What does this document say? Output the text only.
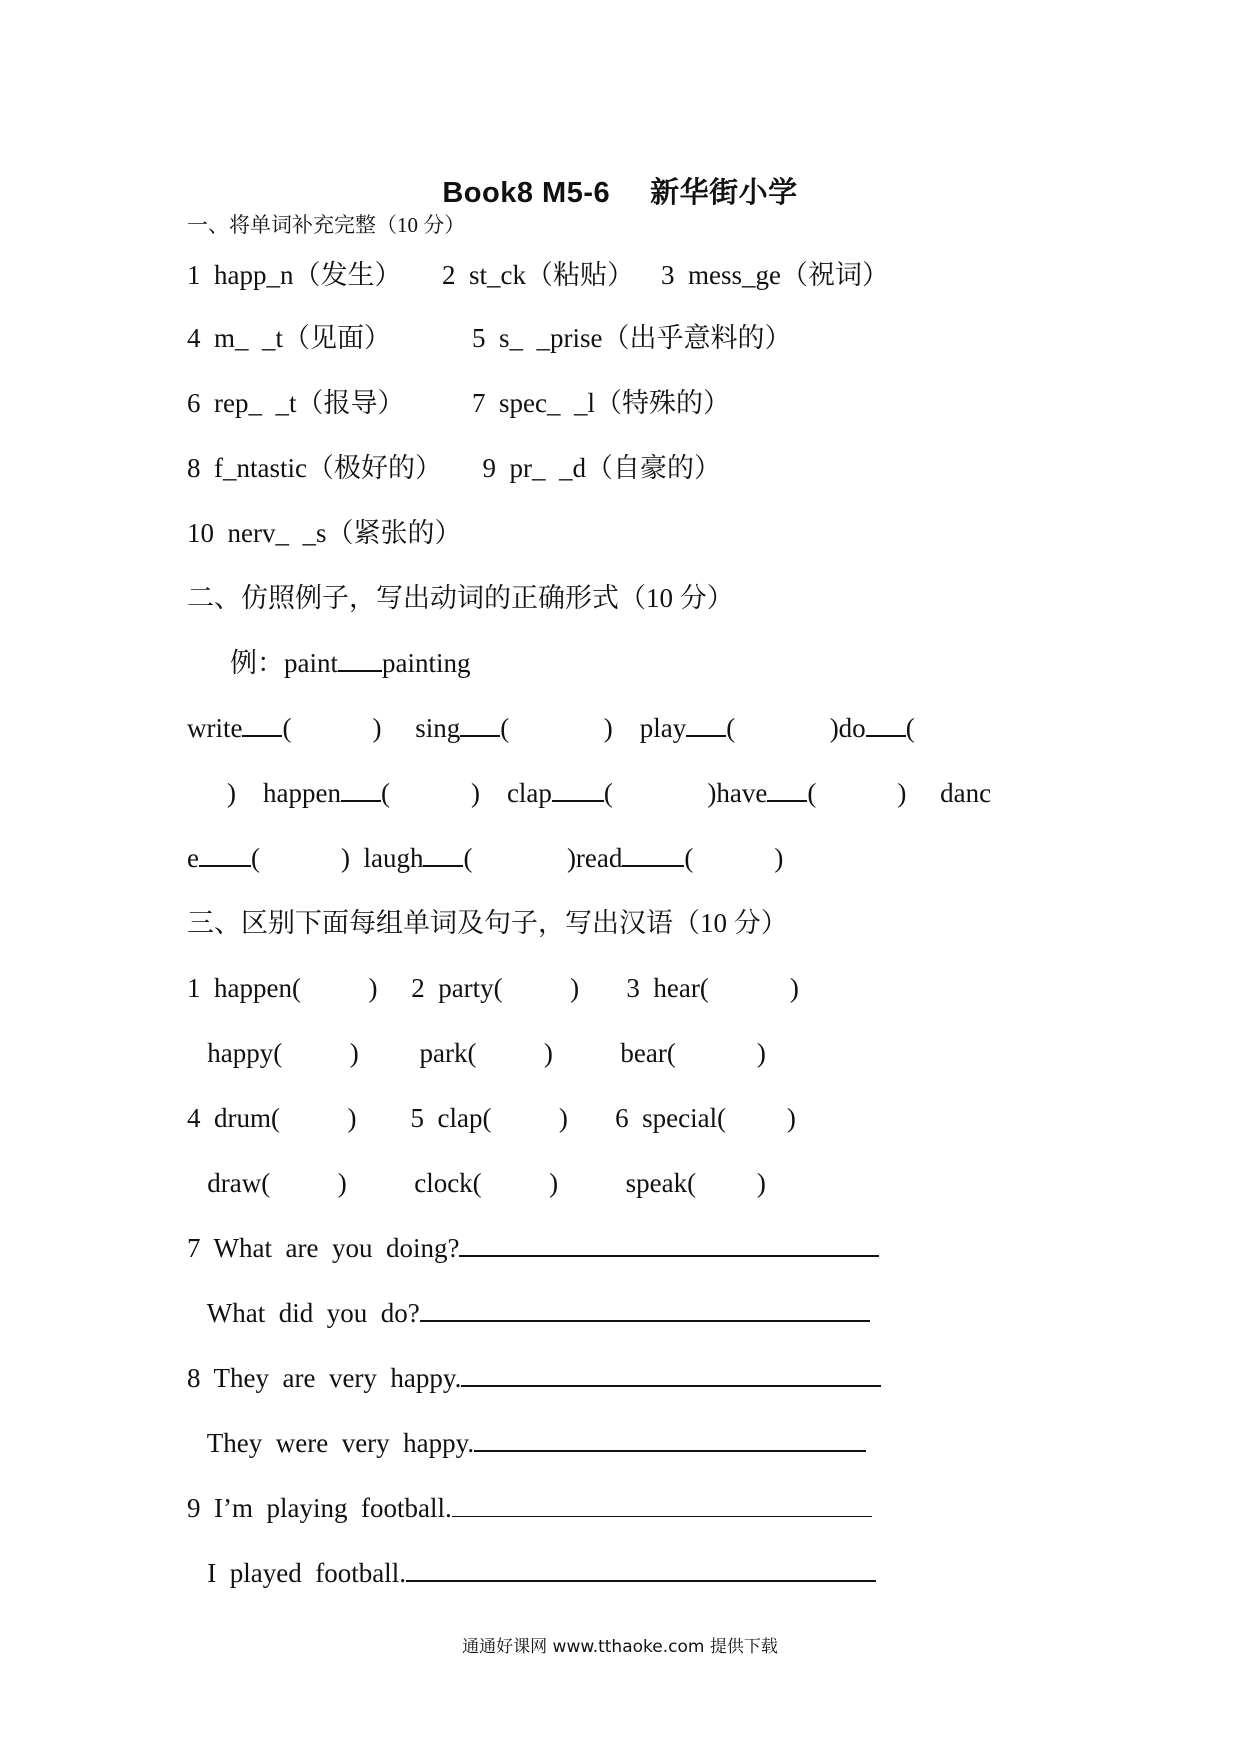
Book8 M5-6 新华街小学
一、将单词补充完整（10 分）
1  happ_n（发生）      2  st_ck（粘贴）    3  mess_ge（祝词）
4  m_  _t（见面）            5  s_  _prise（出乎意料的）
6  rep_  _t（报导）          7  spec_  _l（特殊的）
8  f_ntastic（极好的）      9  pr_  _d（自豪的）
10  nerv_  _s（紧张的）
二、仿照例子，写出动词的正确形式（10 分）
例：paint painting
write (            )     sing (              )    play (              )do (
)    happen (            )    clap (              )have (            )     danc
e (            )  laugh (              )read (            )
三、区别下面每组单词及句子，写出汉语（10 分）
1  happen(          )     2  party(          )       3  hear(            )
happy(          )         park(          )          bear(            )
4  drum(          )        5  clap(          )       6  special(         )
draw(          )          clock(          )          speak(         )
7  What  are  you  doing?
What  did  you  do?
8  They  are  very  happy.
They  were  very  happy.
9  I’m  playing  football.
I  played  football.
通通好课网 www.tthaoke.com 提供下载
